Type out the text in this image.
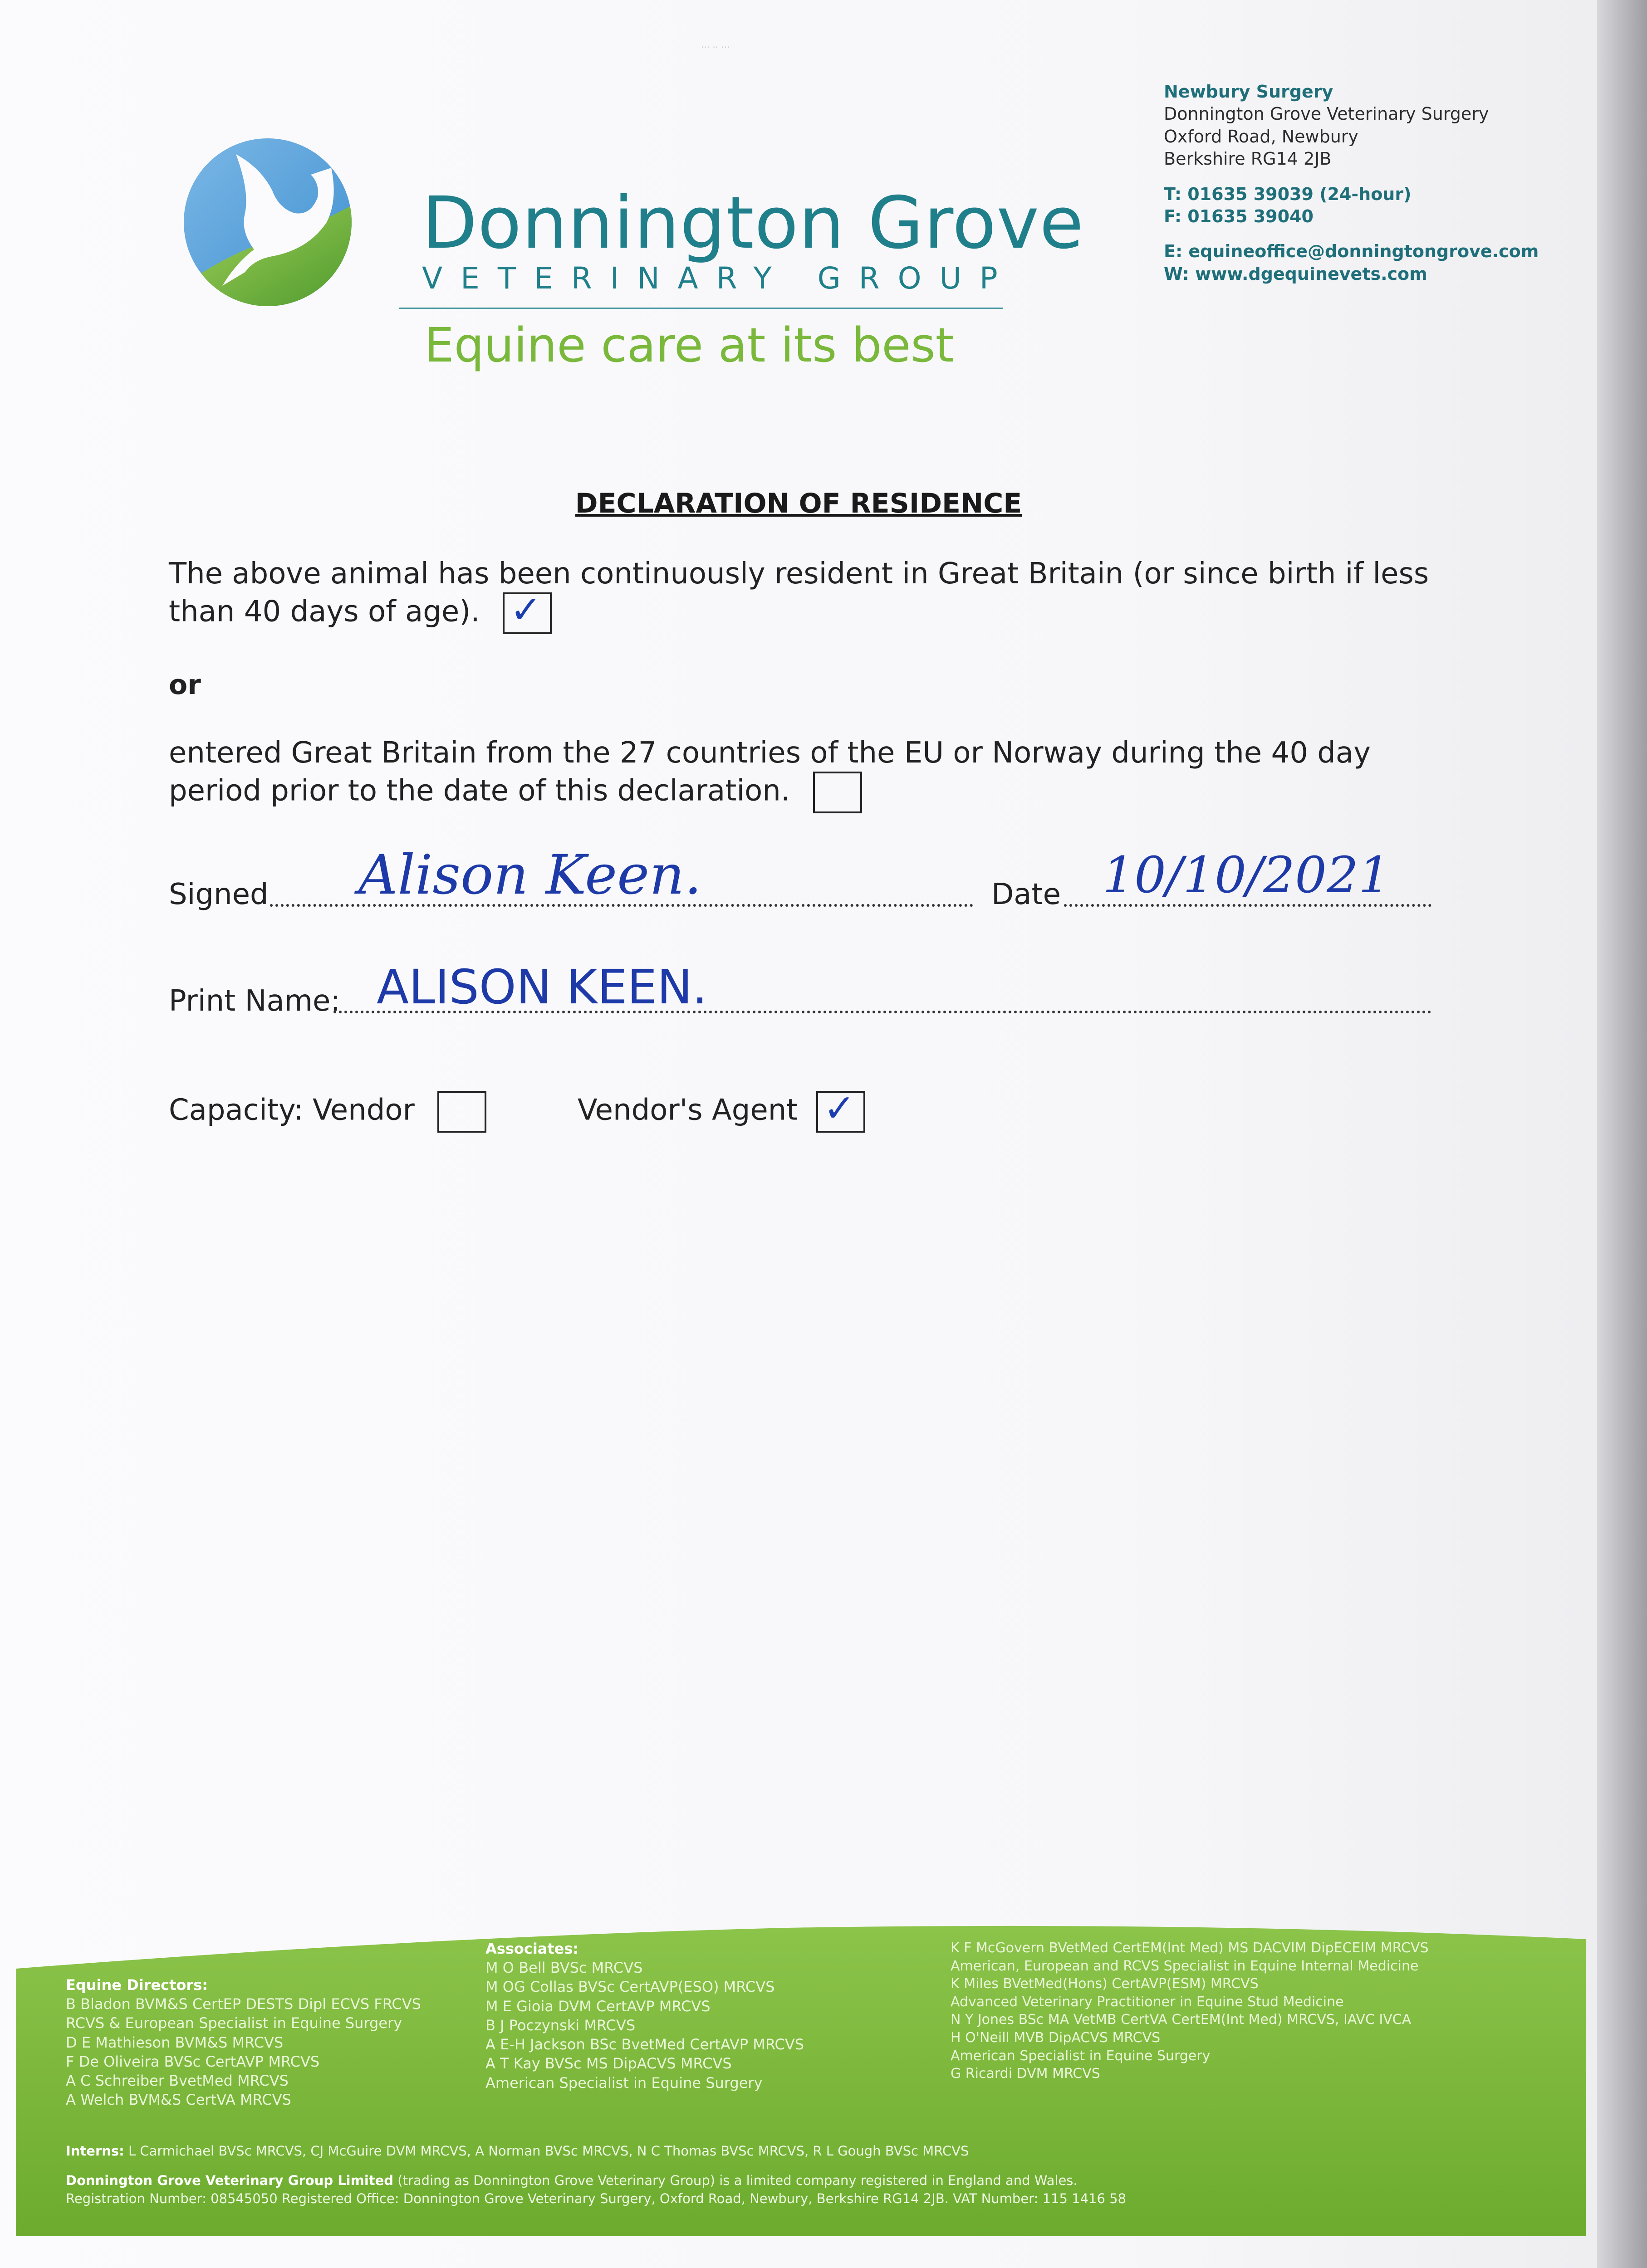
··· ·· ···
Donnington Grove
VETERINARY GROUP
Equine care at its best
Newbury Surgery
Donnington Grove Veterinary Surgery
Oxford Road, Newbury
Berkshire RG14 2JB
T: 01635 39039 (24-hour)
F: 01635 39040
E: equineoffice@donningtongrove.com
W: www.dgequinevets.com
DECLARATION OF RESIDENCE
The above animal has been continuously resident in Great Britain (or since birth if less than 40 days of age). ✓
or
entered Great Britain from the 27 countries of the EU or Norway during the 40 day period prior to the date of this declaration.
Signed Alison Keen.	Date 10/10/2021
Print Name: ALISON KEEN.
Capacity: Vendor	Vendor's Agent ✓
Equine Directors:
B Bladon BVM&S CertEP DESTS Dipl ECVS FRCVS
RCVS & European Specialist in Equine Surgery
D E Mathieson BVM&S MRCVS
F De Oliveira BVSc CertAVP MRCVS
A C Schreiber BvetMed MRCVS
A Welch BVM&S CertVA MRCVS
Associates:
M O Bell BVSc MRCVS
M OG Collas BVSc CertAVP(ESO) MRCVS
M E Gioia DVM CertAVP MRCVS
B J Poczynski MRCVS
A E-H Jackson BSc BvetMed CertAVP MRCVS
A T Kay BVSc MS DipACVS MRCVS
American Specialist in Equine Surgery
K F McGovern BVetMed CertEM(Int Med) MS DACVIM DipECEIM MRCVS
American, European and RCVS Specialist in Equine Internal Medicine
K Miles BVetMed(Hons) CertAVP(ESM) MRCVS
Advanced Veterinary Practitioner in Equine Stud Medicine
N Y Jones BSc MA VetMB CertVA CertEM(Int Med) MRCVS, IAVC IVCA
H O'Neill MVB DipACVS MRCVS
American Specialist in Equine Surgery
G Ricardi DVM MRCVS
Interns: L Carmichael BVSc MRCVS, CJ McGuire DVM MRCVS, A Norman BVSc MRCVS, N C Thomas BVSc MRCVS, R L Gough BVSc MRCVS
Donnington Grove Veterinary Group Limited (trading as Donnington Grove Veterinary Group) is a limited company registered in England and Wales.
Registration Number: 08545050 Registered Office: Donnington Grove Veterinary Surgery, Oxford Road, Newbury, Berkshire RG14 2JB. VAT Number: 115 1416 58
